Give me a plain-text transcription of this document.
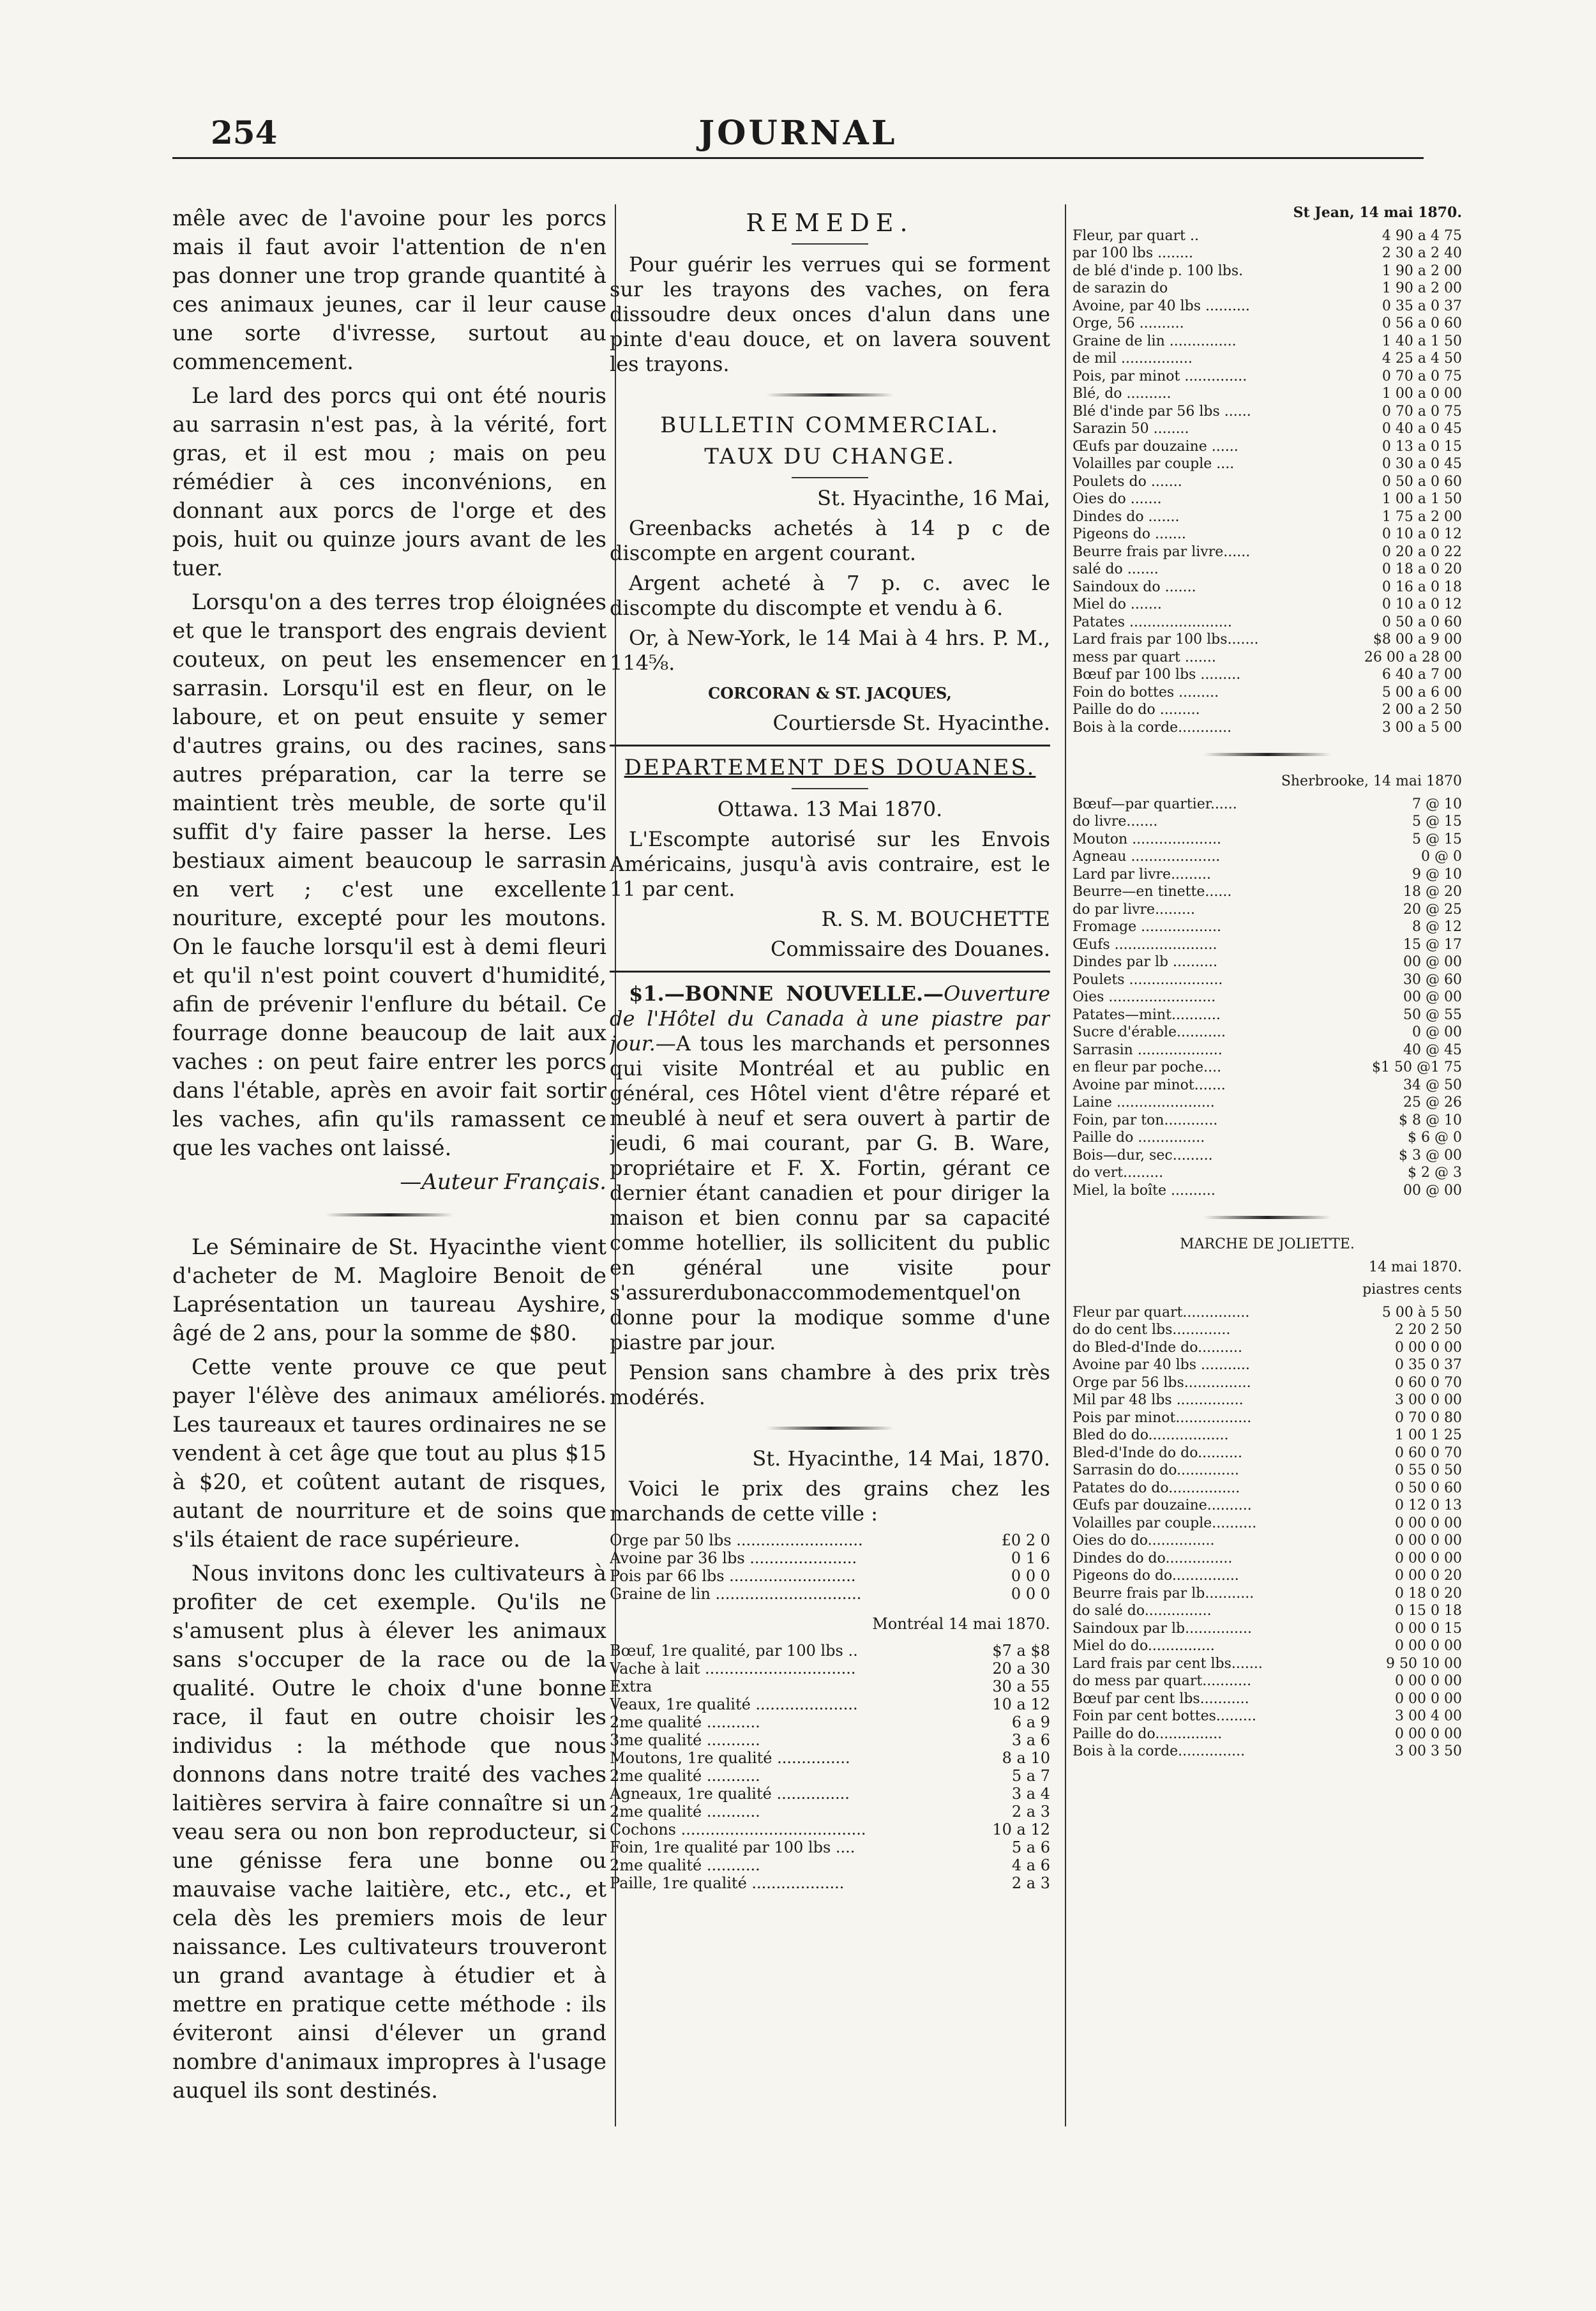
254	JOURNAL

mêle avec de l'avoine pour les porcs mais il faut avoir l'attention de n'en pas donner une trop grande quantité à ces animaux jeunes, car il leur cause une sorte d'ivresse, surtout au commencement.

Le lard des porcs qui ont été nouris au sarrasin n'est pas, à la vérité, fort gras, et il est mou ; mais on peu rémédier à ces inconvénions, en donnant aux porcs de l'orge et des pois, huit ou quinze jours avant de les tuer.

Lorsqu'on a des terres trop éloignées et que le transport des engrais devient couteux, on peut les ensemencer en sarrasin. Lorsqu'il est en fleur, on le laboure, et on peut ensuite y semer d'autres grains, ou des racines, sans autres préparation, car la terre se maintient très meuble, de sorte qu'il suffit d'y faire passer la herse. Les bestiaux aiment beaucoup le sarrasin en vert ; c'est une excellente nouriture, excepté pour les moutons. On le fauche lorsqu'il est à demi fleuri et qu'il n'est point couvert d'humidité, afin de prévenir l'enflure du bétail. Ce fourrage donne beaucoup de lait aux vaches : on peut faire entrer les porcs dans l'étable, après en avoir fait sortir les vaches, afin qu'ils ramassent ce que les vaches ont laissé.

—Auteur Français.

Le Séminaire de St. Hyacinthe vient d'acheter de M. Magloire Benoit de Laprésentation un taureau Ayshire, âgé de 2 ans, pour la somme de $80.

Cette vente prouve ce que peut payer l'élève des animaux améliorés. Les taureaux et taures ordinaires ne se vendent à cet âge que tout au plus $15 à $20, et coûtent autant de risques, autant de nourriture et de soins que s'ils étaient de race supérieure.

Nous invitons donc les cultivateurs à profiter de cet exemple. Qu'ils ne s'amusent plus à élever les animaux sans s'occuper de la race ou de la qualité. Outre le choix d'une bonne race, il faut en outre choisir les individus : la méthode que nous donnons dans notre traité des vaches laitières servira à faire connaître si un veau sera ou non bon reproducteur, si une génisse fera une bonne ou mauvaise vache laitière, etc., etc., et cela dès les premiers mois de leur naissance. Les cultivateurs trouveront un grand avantage à étudier et à mettre en pratique cette méthode : ils éviteront ainsi d'élever un grand nombre d'animaux impropres à l'usage auquel ils sont destinés.

REMEDE.

Pour guérir les verrues qui se forment sur les trayons des vaches, on fera dissoudre deux onces d'alun dans une pinte d'eau douce, et on lavera souvent les trayons.

BULLETIN COMMERCIAL.
TAUX DU CHANGE.

St. Hyacinthe, 16 Mai,

Greenbacks achetés à 14 p c de discompte en argent courant.

Argent acheté à 7 p. c. avec le discompte du discompte et vendu à 6.

Or, à New-York, le 14 Mai à 4 hrs. P. M., 114⅝.

CORCORAN & ST. JACQUES,

Courtiersde St. Hyacinthe.

DEPARTEMENT DES DOUANES.

Ottawa. 13 Mai 1870.

L'Escompte autorisé sur les Envois Américains, jusqu'à avis contraire, est le 11 par cent.

R. S. M. BOUCHETTE

Commissaire des Douanes.

$1.—BONNE NOUVELLE.—Ouverture de l'Hôtel du Canada à une piastre par jour.—A tous les marchands et personnes qui visite Montréal et au public en général, ces Hôtel vient d'être réparé et meublé à neuf et sera ouvert à partir de jeudi, 6 mai courant, par G. B. Ware, propriétaire et F. X. Fortin, gérant ce dernier étant canadien et pour diriger la maison et bien connu par sa capacité comme hotellier, ils sollicitent du public en général une visite pour s'assurerdubonaccommodementquel'on donne pour la modique somme d'une piastre par jour.

Pension sans chambre à des prix très modérés.

St. Hyacinthe, 14 Mai, 1870.

Voici le prix des grains chez les marchands de cette ville :

Orge par 50 lbs ..........................	£0 2 0
Avoine par 36 lbs ......................	0 1 6
Pois par 66 lbs ..........................	0 0 0
Graine de lin ..............................	0 0 0

Montréal 14 mai 1870.

Bœuf, 1re qualité, par 100 lbs ..	$7 a $8
Vache à lait ...............................	20 a 30
Extra	30 a 55
Veaux, 1re qualité .....................	10 a 12
2me qualité ...........	6 a 9
3me qualité ...........	3 a 6
Moutons, 1re qualité ...............	8 a 10
2me qualité ...........	5 a 7
Agneaux, 1re qualité ...............	3 a 4
2me qualité ...........	2 a 3
Cochons ......................................	10 a 12
Foin, 1re qualité par 100 lbs ....	5 a 6
2me qualité ...........	4 a 6
Paille, 1re qualité ...................	2 a 3

St Jean, 14 mai 1870.

Fleur, par quart ..	4 90 a 4 75
par 100 lbs ........	2 30 a 2 40
de blé d'inde p. 100 lbs.	1 90 a 2 00
de sarazin do	1 90 a 2 00
Avoine, par 40 lbs ..........	0 35 a 0 37
Orge, 56 ..........	0 56 a 0 60
Graine de lin ...............	1 40 a 1 50
de mil ................	4 25 a 4 50
Pois, par minot ..............	0 70 a 0 75
Blé, do ..........	1 00 a 0 00
Blé d'inde par 56 lbs ......	0 70 a 0 75
Sarazin 50 ........	0 40 a 0 45
Œufs par douzaine ......	0 13 a 0 15
Volailles par couple ....	0 30 a 0 45
Poulets do .......	0 50 a 0 60
Oies do .......	1 00 a 1 50
Dindes do .......	1 75 a 2 00
Pigeons do .......	0 10 a 0 12
Beurre frais par livre......	0 20 a 0 22
salé do .......	0 18 a 0 20
Saindoux do .......	0 16 a 0 18
Miel do .......	0 10 a 0 12
Patates .......................	0 50 a 0 60
Lard frais par 100 lbs.......	$8 00 a 9 00
mess par quart .......	26 00 a 28 00
Bœuf par 100 lbs .........	6 40 a 7 00
Foin do bottes .........	5 00 a 6 00
Paille do do .........	2 00 a 2 50
Bois à la corde............	3 00 a 5 00

Sherbrooke, 14 mai 1870

Bœuf—par quartier......	7 @ 10
do livre.......	5 @ 15
Mouton ....................	5 @ 15
Agneau ....................	0 @ 0
Lard par livre.........	9 @ 10
Beurre—en tinette......	18 @ 20
do par livre.........	20 @ 25
Fromage ..................	8 @ 12
Œufs .......................	15 @ 17
Dindes par lb ..........	00 @ 00
Poulets .....................	30 @ 60
Oies ........................	00 @ 00
Patates—mint...........	50 @ 55
Sucre d'érable...........	0 @ 00
Sarrasin ...................	40 @ 45
en fleur par poche....	$1 50 @1 75
Avoine par minot.......	34 @ 50
Laine ......................	25 @ 26
Foin, par ton............	$ 8 @ 10
Paille do ...............	$ 6 @ 0
Bois—dur, sec.........	$ 3 @ 00
do vert.........	$ 2 @ 3
Miel, la boîte ..........	00 @ 00

MARCHE DE JOLIETTE.

14 mai 1870.

piastres cents

Fleur par quart...............	5 00 à 5 50
do do cent lbs.............	2 20 2 50
do Bled-d'Inde do..........	0 00 0 00
Avoine par 40 lbs ...........	0 35 0 37
Orge par 56 lbs...............	0 60 0 70
Mil par 48 lbs ...............	3 00 0 00
Pois par minot.................	0 70 0 80
Bled do do..................	1 00 1 25
Bled-d'Inde do do..........	0 60 0 70
Sarrasin do do..............	0 55 0 50
Patates do do................	0 50 0 60
Œufs par douzaine..........	0 12 0 13
Volailles par couple..........	0 00 0 00
Oies do do...............	0 00 0 00
Dindes do do...............	0 00 0 00
Pigeons do do...............	0 00 0 20
Beurre frais par lb...........	0 18 0 20
do salé do...............	0 15 0 18
Saindoux par lb...............	0 00 0 15
Miel do do...............	0 00 0 00
Lard frais par cent lbs.......	9 50 10 00
do mess par quart...........	0 00 0 00
Bœuf par cent lbs...........	0 00 0 00
Foin par cent bottes.........	3 00 4 00
Paille do do...............	0 00 0 00
Bois à la corde...............	3 00 3 50
